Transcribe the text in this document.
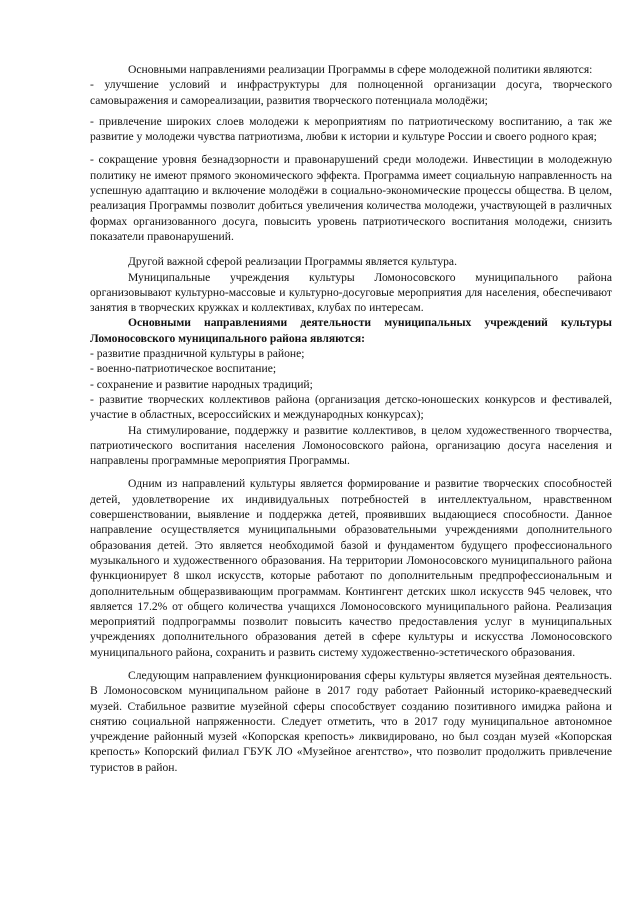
Основными направлениями реализации Программы в сфере молодежной политики являются:

- улучшение условий и инфраструктуры для полноценной организации досуга, творческого самовыражения и самореализации, развития творческого потенциала молодёжи;

- привлечение широких слоев молодежи к мероприятиям по патриотическому воспитанию, а так же развитие у молодежи чувства патриотизма, любви к истории и культуре России и своего родного края;

- сокращение уровня безнадзорности и правонарушений среди молодежи. Инвестиции в молодежную политику не имеют прямого экономического эффекта. Программа имеет социальную направленность на успешную адаптацию и включение молодёжи в социально-экономические процессы общества. В целом, реализация Программы позволит добиться увеличения количества молодежи, участвующей в различных формах организованного досуга, повысить уровень патриотического воспитания молодежи, снизить показатели правонарушений.

Другой важной сферой реализации Программы является культура.

Муниципальные учреждения культуры Ломоносовского муниципального района организовывают культурно-массовые и культурно-досуговые мероприятия для населения, обеспечивают занятия в творческих кружках и коллективах, клубах по интересам.

Основными направлениями деятельности муниципальных учреждений культуры Ломоносовского муниципального района являются:

- развитие праздничной культуры в районе;

- военно-патриотическое воспитание;

- сохранение и развитие народных традиций;

- развитие творческих коллективов района (организация детско-юношеских конкурсов и фестивалей, участие в областных, всероссийских и международных конкурсах);

На стимулирование, поддержку и развитие коллективов, в целом художественного творчества, патриотического воспитания населения Ломоносовского района, организацию досуга населения и направлены программные мероприятия Программы.

Одним из направлений культуры является формирование и развитие творческих способностей детей, удовлетворение их индивидуальных потребностей в интеллектуальном, нравственном совершенствовании, выявление и поддержка детей, проявивших выдающиеся способности. Данное направление осуществляется муниципальными образовательными учреждениями дополнительного образования детей. Это является необходимой базой и фундаментом будущего профессионального музыкального и художественного образования. На территории Ломоносовского муниципального района функционирует 8 школ искусств, которые работают по дополнительным предпрофессиональным и дополнительным общеразвивающим программам. Контингент детских школ искусств 945 человек, что является 17.2% от общего количества учащихся Ломоносовского муниципального района. Реализация мероприятий подпрограммы позволит повысить качество предоставления услуг в муниципальных учреждениях дополнительного образования детей в сфере культуры и искусства Ломоносовского муниципального района, сохранить и развить систему художественно-эстетического образования.

Следующим направлением функционирования сферы культуры является музейная деятельность. В Ломоносовском муниципальном районе в 2017 году работает Районный историко-краеведческий музей. Стабильное развитие музейной сферы способствует созданию позитивного имиджа района и снятию социальной напряженности. Следует отметить, что в 2017 году муниципальное автономное учреждение районный музей «Копорская крепость» ликвидировано, но был создан музей «Копорская крепость» Копорский филиал ГБУК ЛО «Музейное агентство», что позволит продолжить привлечение туристов в район.
